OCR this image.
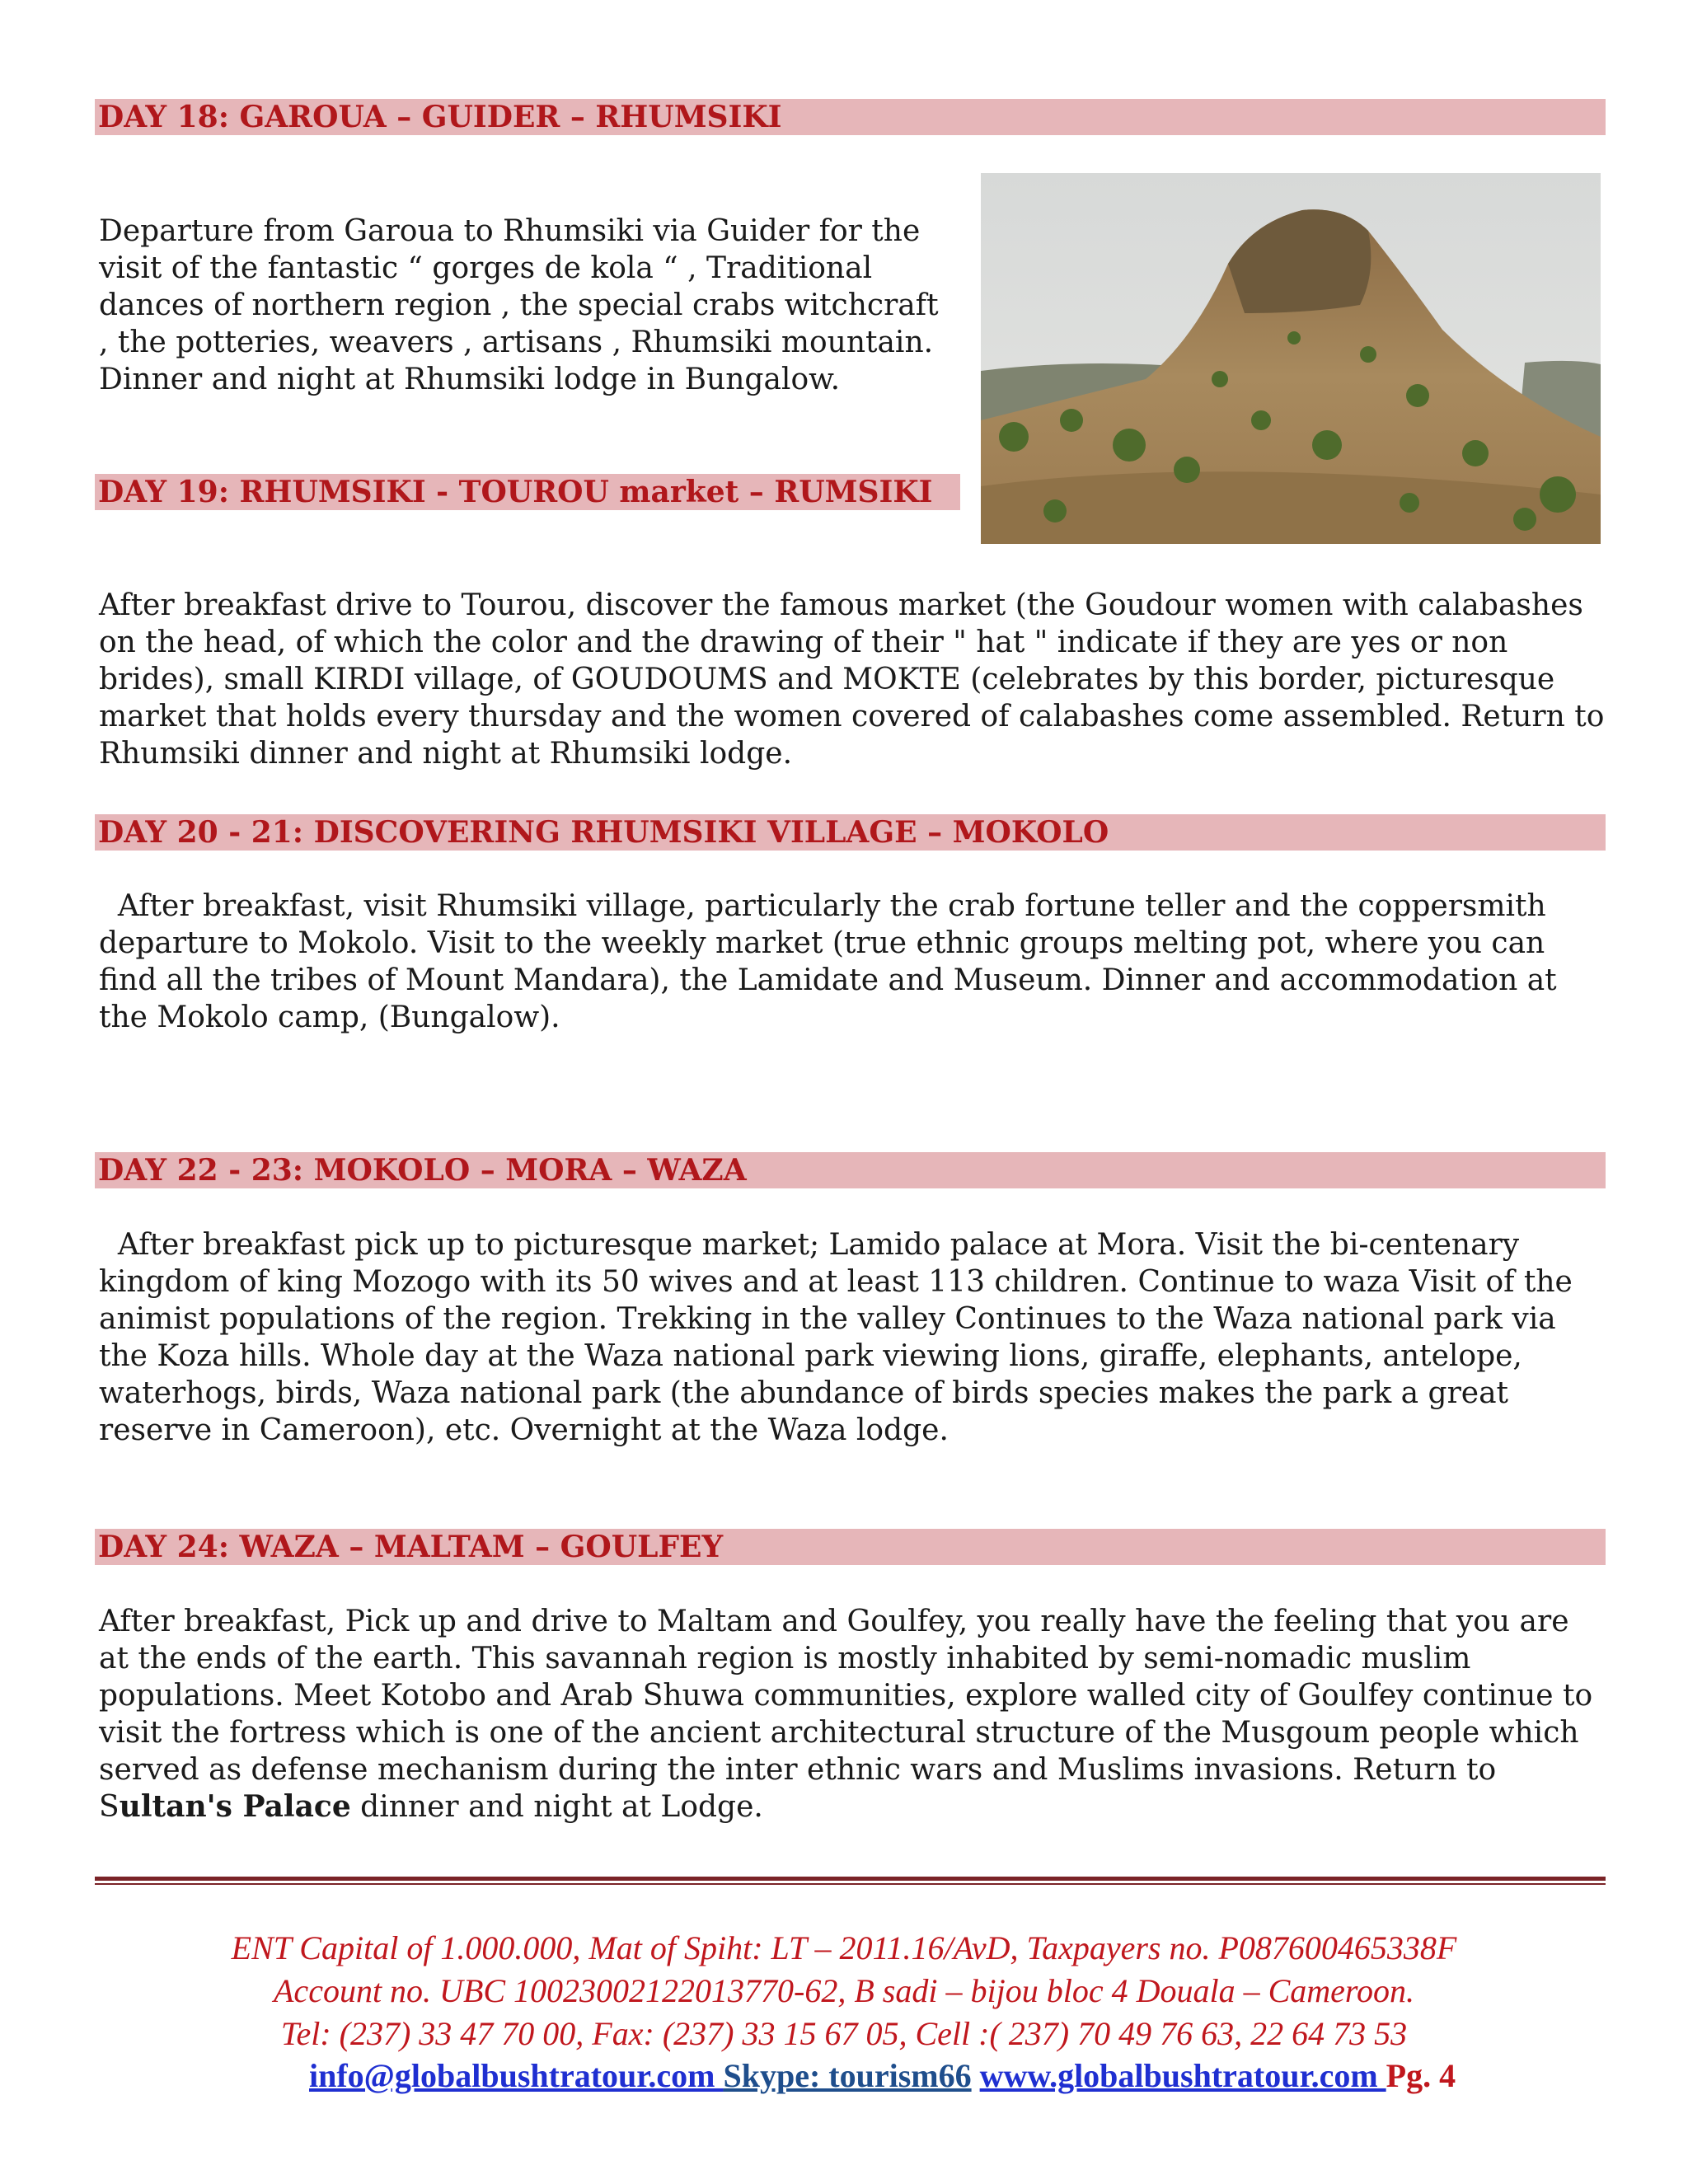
DAY 18: GAROUA – GUIDER – RHUMSIKI

Departure from Garoua to Rhumsiki via Guider for the visit of the fantastic “ gorges de kola “ , Traditional dances of northern region , the special crabs witchcraft , the potteries, weavers , artisans , Rhumsiki mountain. Dinner and night at Rhumsiki lodge in Bungalow.

DAY 19: RHUMSIKI - TOUROU market – RUMSIKI

After breakfast drive to Tourou, discover the famous market (the Goudour women with calabashes on the head, of which the color and the drawing of their " hat " indicate if they are yes or non brides), small KIRDI village, of GOUDOUMS and MOKTE (celebrates by this border, picturesque market that holds every thursday and the women covered of calabashes come assembled. Return to Rhumsiki dinner and night at Rhumsiki lodge.

DAY 20 - 21: DISCOVERING RHUMSIKI VILLAGE – MOKOLO

After breakfast, visit Rhumsiki village, particularly the crab fortune teller and the coppersmith departure to Mokolo. Visit to the weekly market (true ethnic groups melting pot, where you can find all the tribes of Mount Mandara), the Lamidate and Museum. Dinner and accommodation at the Mokolo camp, (Bungalow).

DAY 22 - 23: MOKOLO – MORA – WAZA

After breakfast pick up to picturesque market; Lamido palace at Mora. Visit the bi-centenary kingdom of king Mozogo with its 50 wives and at least 113 children. Continue to waza Visit of the animist populations of the region. Trekking in the valley Continues to the Waza national park via the Koza hills. Whole day at the Waza national park viewing lions, giraffe, elephants, antelope, waterhogs, birds, Waza national park (the abundance of birds species makes the park a great reserve in Cameroon), etc. Overnight at the Waza lodge.

DAY 24: WAZA – MALTAM – GOULFEY

After breakfast, Pick up and drive to Maltam and Goulfey, you really have the feeling that you are at the ends of the earth. This savannah region is mostly inhabited by semi-nomadic muslim populations. Meet Kotobo and Arab Shuwa communities, explore walled city of Goulfey continue to visit the fortress which is one of the ancient architectural structure of the Musgoum people which served as defense mechanism during the inter ethnic wars and Muslims invasions. Return to Sultan's Palace dinner and night at Lodge.

ENT Capital of 1.000.000, Mat of Spiht: LT – 2011.16/AvD, Taxpayers no. P087600465338F
Account no. UBC 10023002122013770-62, B sadi – bijou bloc 4 Douala – Cameroon.
Tel: (237) 33 47 70 00, Fax: (237) 33 15 67 05, Cell :( 237) 70 49 76 63, 22 64 73 53
info@globalbushtratour.com Skype: tourism66 www.globalbushtratour.com Pg. 4
